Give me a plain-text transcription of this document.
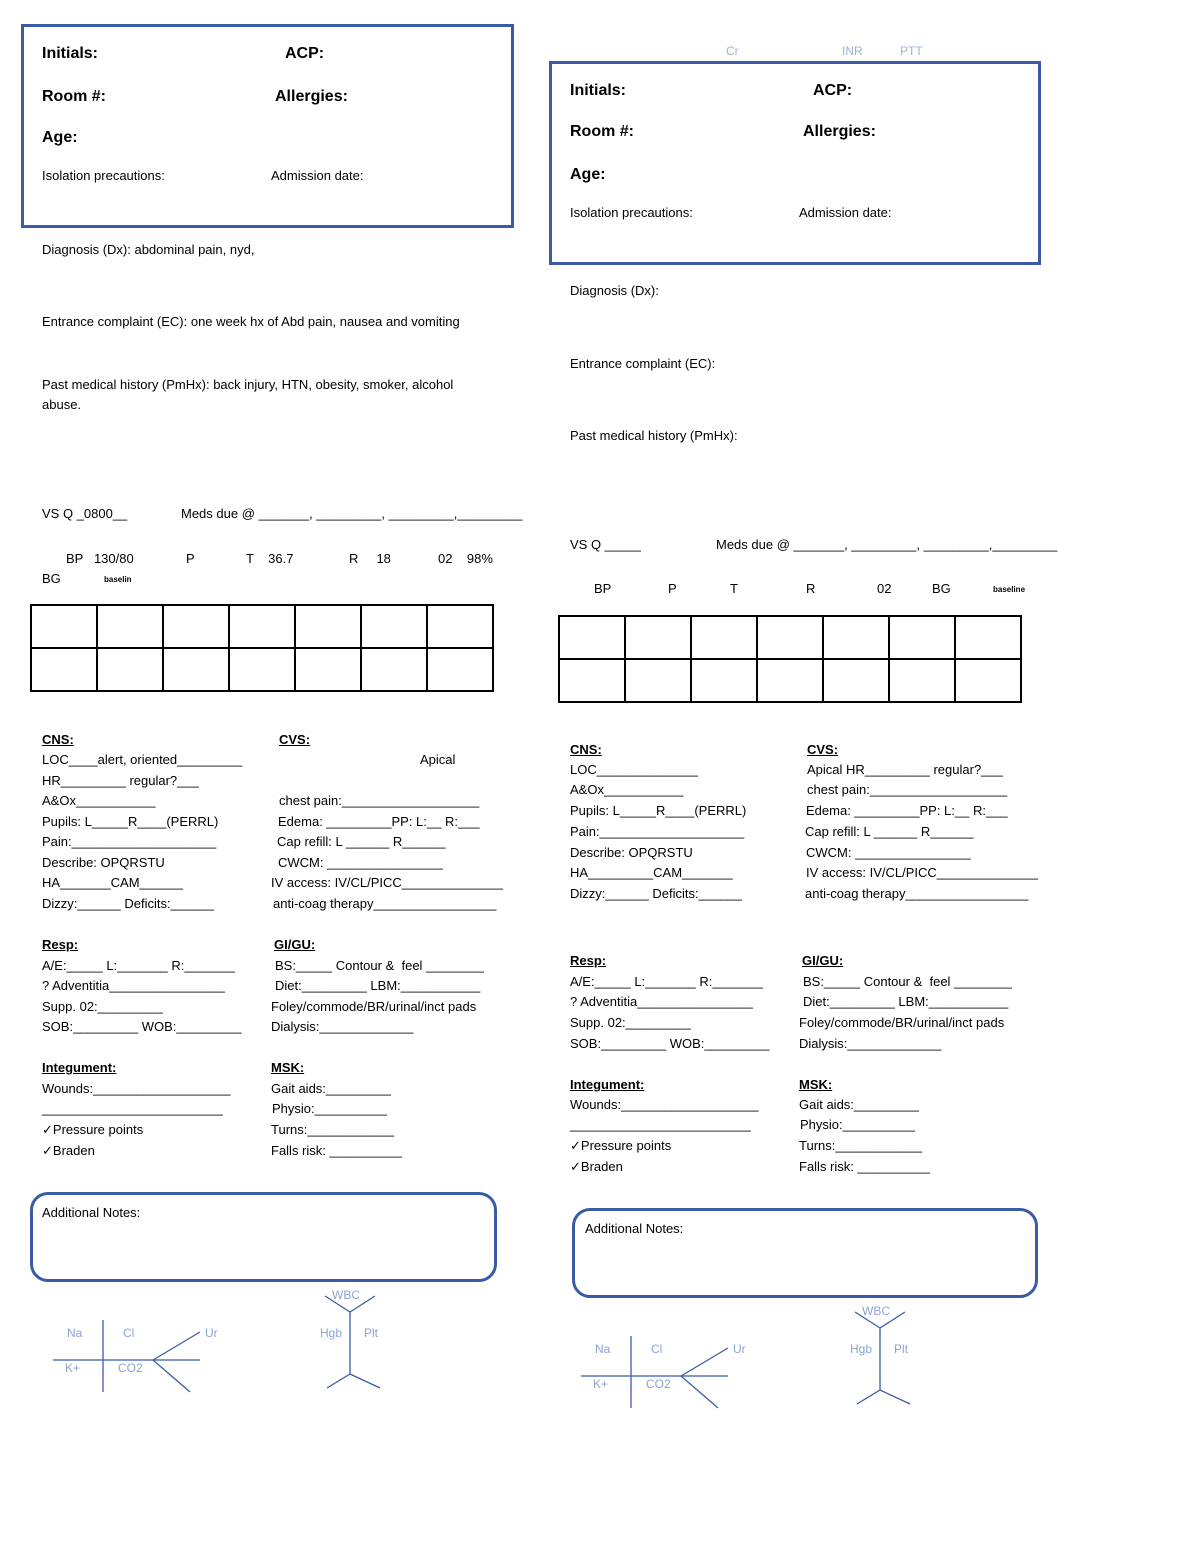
Initials:	ACP:
Room #:	Allergies:
Age:
Isolation precautions:	Admission date:
Diagnosis (Dx): abdominal pain, nyd,
Entrance complaint (EC): one week hx of Abd pain, nausea and vomiting
Past medical history (PmHx): back injury, HTN, obesity, smoker, alcohol
abuse.
VS Q _0800__	Meds due @ _______, _________, _________,_________
BP   130/80	P	T    36.7	R     18	02    98%
BG	baselin

CNS:
LOC____alert, oriented_________
HR_________ regular?___
A&Ox___________
Pupils: L_____R____(PERRL)
Pain:____________________
Describe: OPQRSTU
HA_______CAM______
Dizzy:______ Deficits:______
CVS:
Apical
chest pain:___________________
Edema: _________PP: L:__ R:___
Cap refill: L ______ R______
CWCM: ________________
IV access: IV/CL/PICC______________
anti-coag therapy_________________
Resp:
A/E:_____ L:_______ R:_______
? Adventitia________________
Supp. 02:_________
SOB:_________ WOB:_________
GI/GU:
BS:_____ Contour &  feel ________
Diet:_________ LBM:___________
Foley/commode/BR/urinal/inct pads
Dialysis:_____________
Integument:
Wounds:___________________
_________________________
✓Pressure points
✓Braden
MSK:
Gait aids:_________
Physio:__________
Turns:____________
Falls risk: __________
Additional Notes:
Na	Cl	Ur
K+	CO2
WBC
Hgb Plt
Cr	INR	PTT
Initials:	ACP:
Room #:	Allergies:
Age:
Isolation precautions:	Admission date:
Diagnosis (Dx):
Entrance complaint (EC):
Past medical history (PmHx):
VS Q _____	Meds due @ _______, _________, _________,_________
BP	P	T	R	02	BG	baseline

CNS:
LOC______________
A&Ox___________
Pupils: L_____R____(PERRL)
Pain:____________________
Describe: OPQRSTU
HA_________CAM_______
Dizzy:______ Deficits:______
CVS:
Apical HR_________ regular?___
chest pain:___________________
Edema: _________PP: L:__ R:___
Cap refill: L ______ R______
CWCM: ________________
IV access: IV/CL/PICC______________
anti-coag therapy_________________
Resp:
A/E:_____ L:_______ R:_______
? Adventitia________________
Supp. 02:_________
SOB:_________ WOB:_________
GI/GU:
BS:_____ Contour &  feel ________
Diet:_________ LBM:___________
Foley/commode/BR/urinal/inct pads
Dialysis:_____________
Integument:
Wounds:___________________
_________________________
✓Pressure points
✓Braden
MSK:
Gait aids:_________
Physio:__________
Turns:____________
Falls risk: __________
Additional Notes:
Na	Cl	Ur
K+	CO2
WBC
Hgb Plt
